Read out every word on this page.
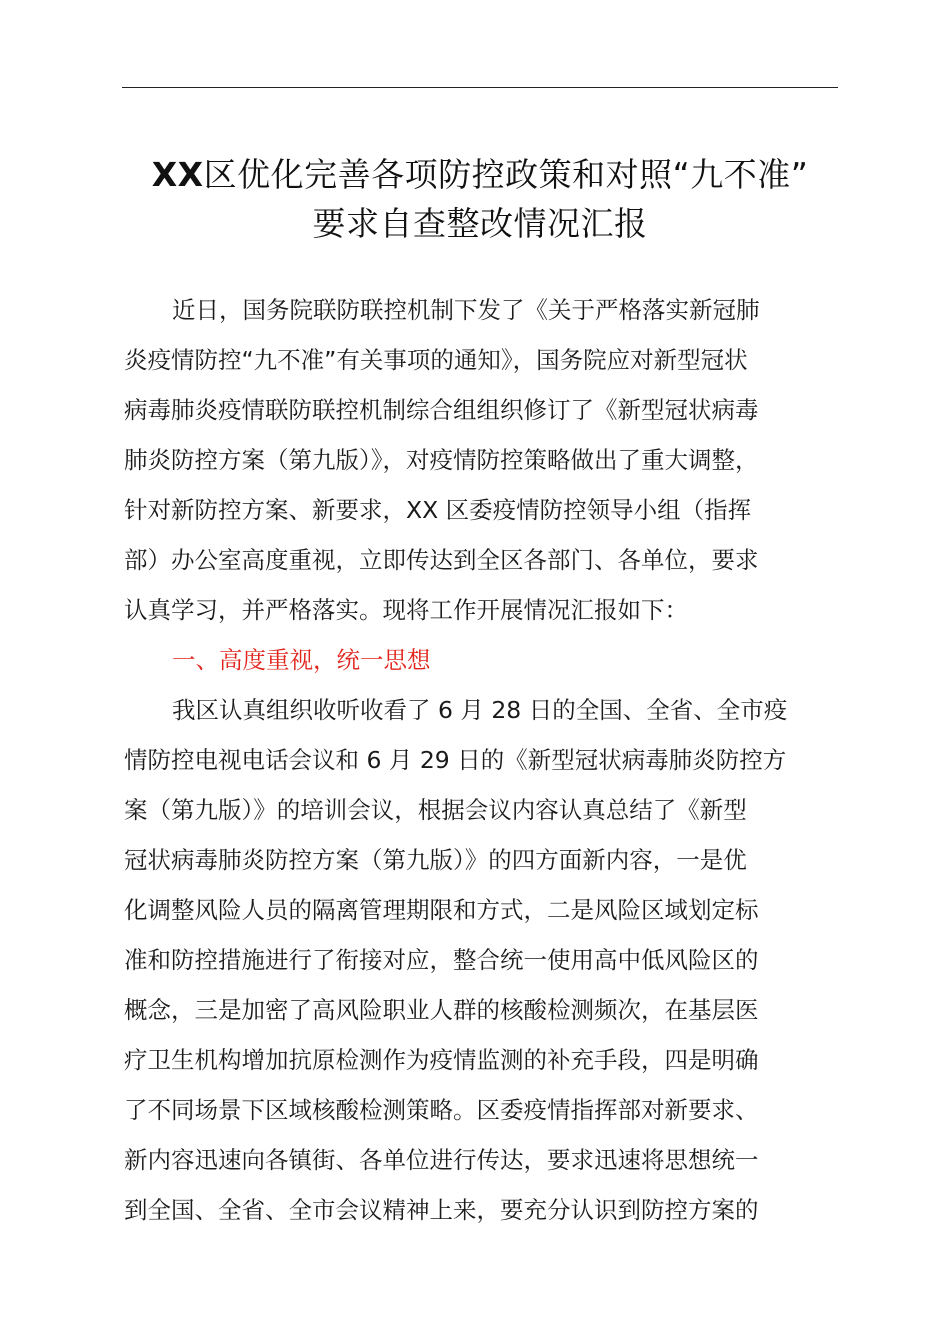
XX区优化完善各项防控政策和对照“九不准”
要求自查整改情况汇报
近日，国务院联防联控机制下发了《关于严格落实新冠肺
炎疫情防控“九不准”有关事项的通知》，国务院应对新型冠状
病毒肺炎疫情联防联控机制综合组组织修订了《新型冠状病毒
肺炎防控方案（第九版）》，对疫情防控策略做出了重大调整，
针对新防控方案、新要求，XX 区委疫情防控领导小组（指挥
部）办公室高度重视，立即传达到全区各部门、各单位，要求
认真学习，并严格落实。现将工作开展情况汇报如下：
一、高度重视，统一思想
我区认真组织收听收看了 6 月 28 日的全国、全省、全市疫
情防控电视电话会议和 6 月 29 日的《新型冠状病毒肺炎防控方
案（第九版）》的培训会议，根据会议内容认真总结了《新型
冠状病毒肺炎防控方案（第九版）》的四方面新内容，一是优
化调整风险人员的隔离管理期限和方式，二是风险区域划定标
准和防控措施进行了衔接对应，整合统一使用高中低风险区的
概念，三是加密了高风险职业人群的核酸检测频次，在基层医
疗卫生机构增加抗原检测作为疫情监测的补充手段，四是明确
了不同场景下区域核酸检测策略。区委疫情指挥部对新要求、
新内容迅速向各镇街、各单位进行传达，要求迅速将思想统一
到全国、全省、全市会议精神上来，要充分认识到防控方案的
